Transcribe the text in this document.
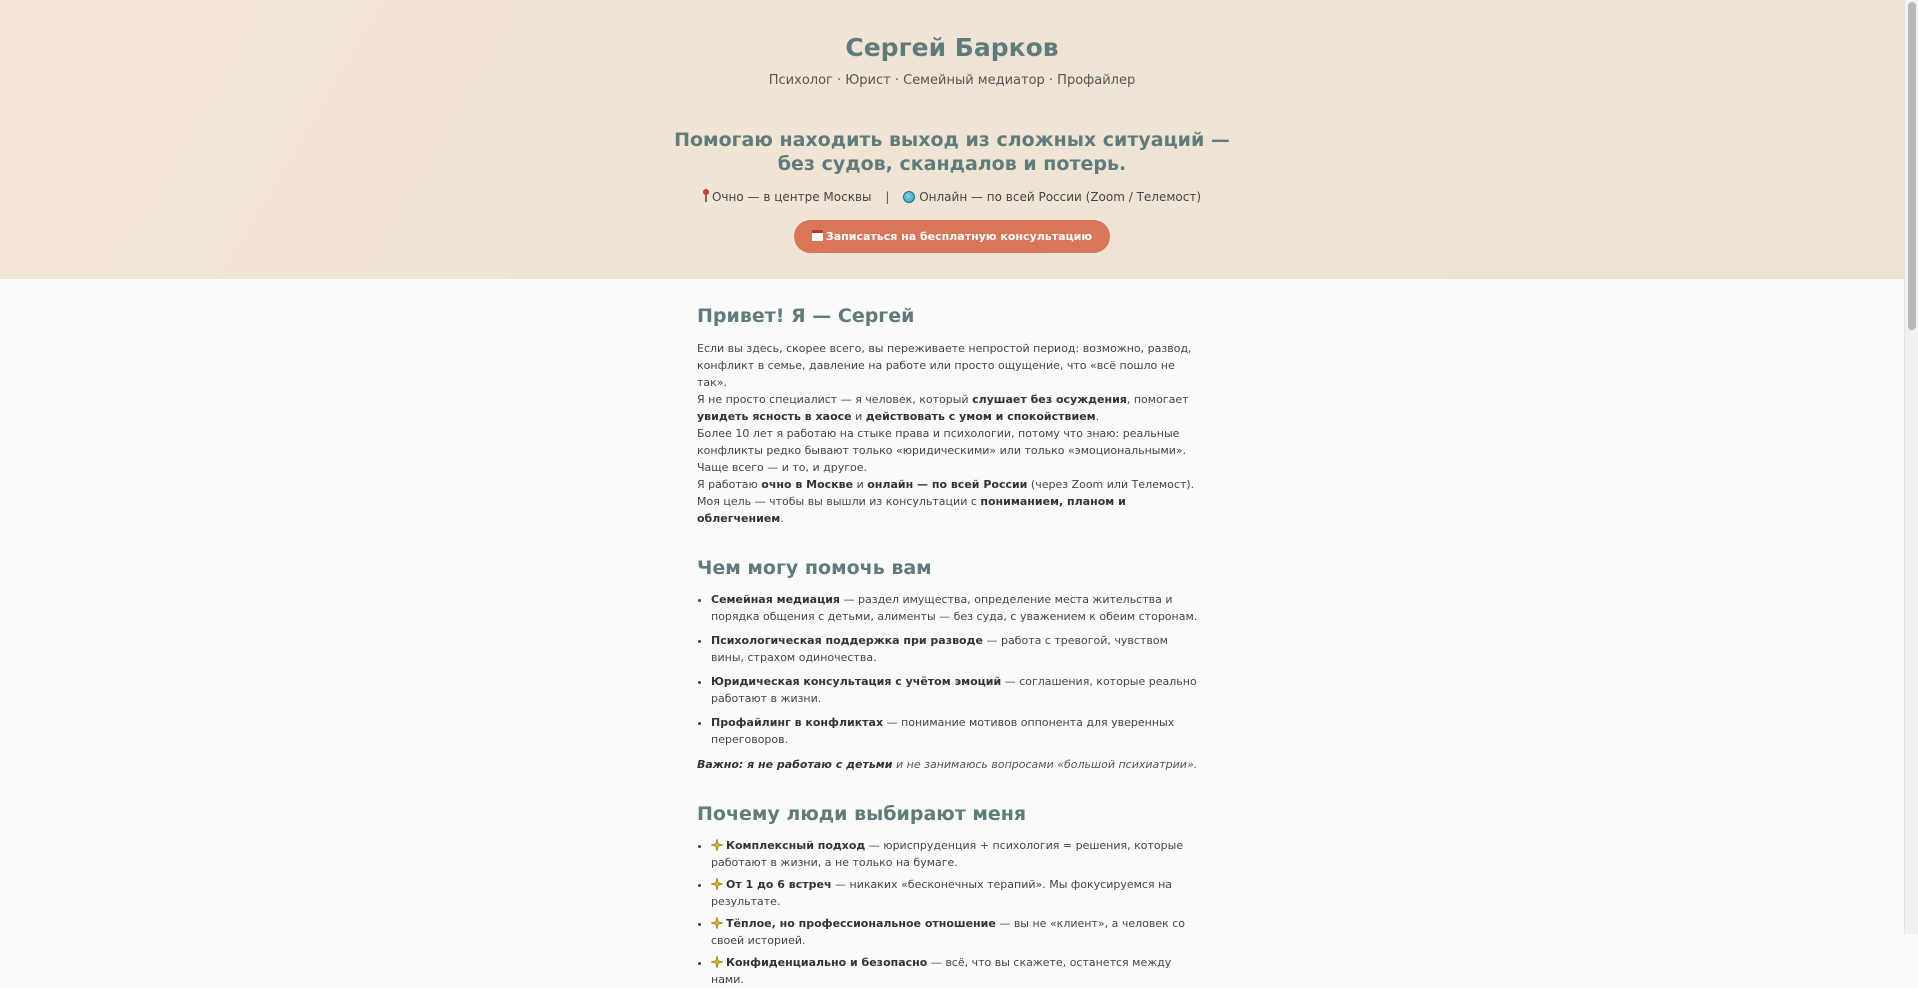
Сергей Барков
Психолог · Юрист · Семейный медиатор · Профайлер
Помогаю находить выход из сложных ситуаций — без судов, скандалов и потерь.
Очно — в центре Москвы | Онлайн — по всей России (Zoom / Телемост)
Записаться на бесплатную консультацию
Привет! Я — Сергей

Если вы здесь, скорее всего, вы переживаете непростой период: возможно, развод, конфликт в семье, давление на работе или просто ощущение, что «всё пошло не так».

Я не просто специалист — я человек, который слушает без осуждения, помогает увидеть ясность в хаосе и действовать с умом и спокойствием.

Более 10 лет я работаю на стыке права и психологии, потому что знаю: реальные конфликты редко бывают только «юридическими» или только «эмоциональными». Чаще всего — и то, и другое.

Я работаю очно в Москве и онлайн — по всей России (через Zoom или Телемост). Моя цель — чтобы вы вышли из консультации с пониманием, планом и облегчением.

Чем могу помочь вам
• Семейная медиация — раздел имущества, определение места жительства и порядка общения с детьми, алименты — без суда, с уважением к обеим сторонам.
• Психологическая поддержка при разводе — работа с тревогой, чувством вины, страхом одиночества.
• Юридическая консультация с учётом эмоций — соглашения, которые реально работают в жизни.
• Профайлинг в конфликтах — понимание мотивов оппонента для уверенных переговоров.
Важно: я не работаю с детьми и не занимаюсь вопросами «большой психиатрии».
Почему люди выбирают меня
• Комплексный подход — юриспруденция + психология = решения, которые работают в жизни, а не только на бумаге.
• От 1 до 6 встреч — никаких «бесконечных терапий». Мы фокусируемся на результате.
• Тёплое, но профессиональное отношение — вы не «клиент», а человек со своей историей.
• Конфиденциально и безопасно — всё, что вы скажете, останется между нами.
